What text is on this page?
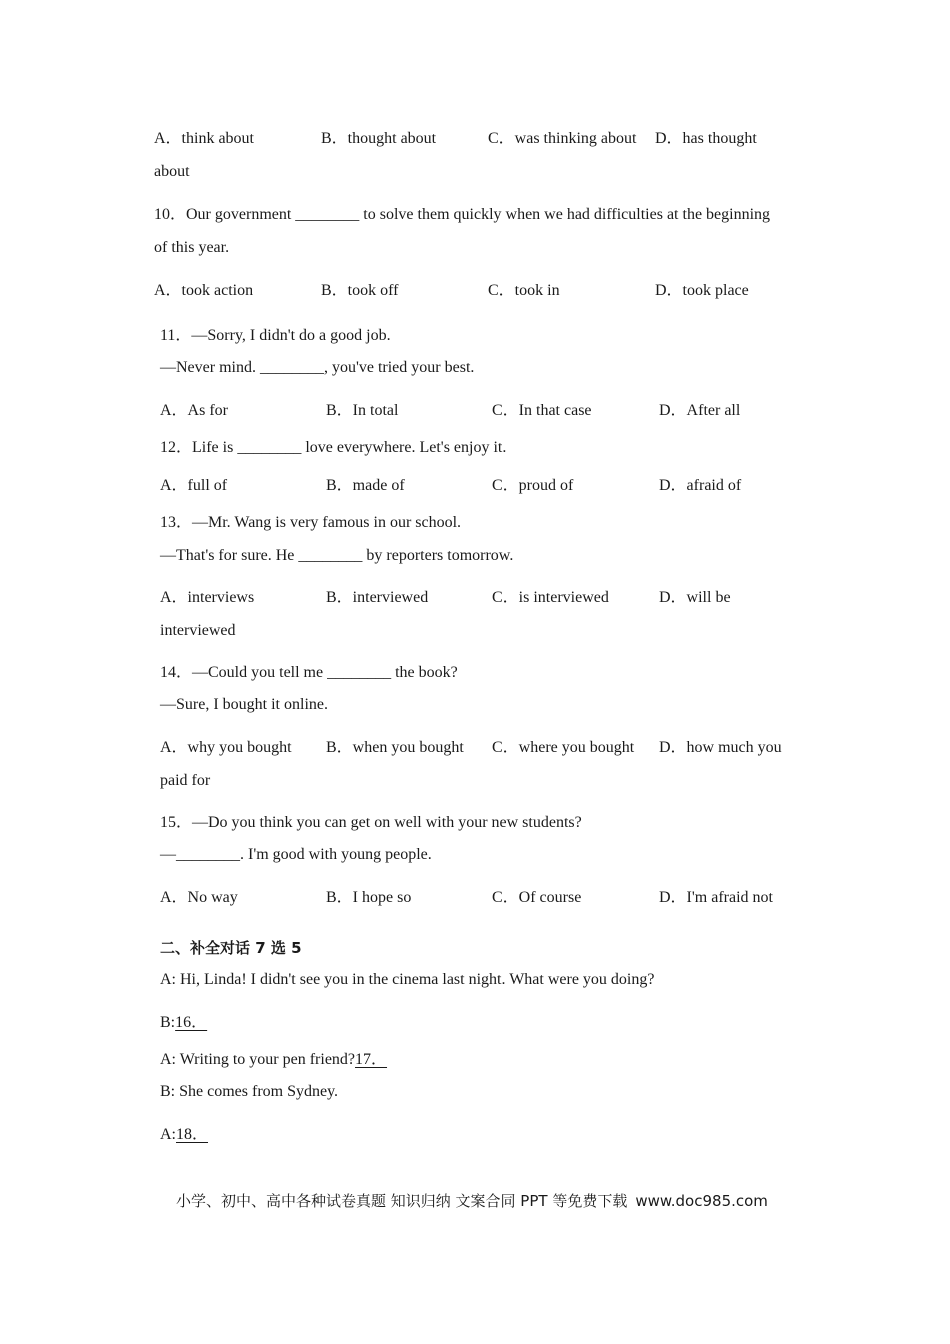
A．think about	B．thought about	C．was thinking about D．has thought
about
10．Our government ________ to solve them quickly when we had difficulties at the beginning
of this year.
A．took action	B．took off	C．took in	D．took place
11．—Sorry, I didn't do a good job.
—Never mind. ________, you've tried your best.
A．As for	B．In total	C．In that case	D．After all
12．Life is ________ love everywhere. Let's enjoy it.
A．full of	B．made of	C．proud of	D．afraid of
13．—Mr. Wang is very famous in our school.
—That's for sure. He ________ by reporters tomorrow.
A．interviews	B．interviewed	C．is interviewed	D．will be
interviewed
14．—Could you tell me ________ the book?
—Sure, I bought it online.
A．why you bought B．when you bought C．where you bought D．how much you
paid for
15．—Do you think you can get on well with your new students?
—________. I'm good with young people.
A．No way	B．I hope so	C．Of course	D．I'm afraid not
二、补全对话 7 选 5
A: Hi, Linda! I didn't see you in the cinema last night. What were you doing?
B:16．
A: Writing to your pen friend?17．
B: She comes from Sydney.
A:18．
小学、初中、高中各种试卷真题 知识归纳 文案合同 PPT 等免费下载 www.doc985.com
